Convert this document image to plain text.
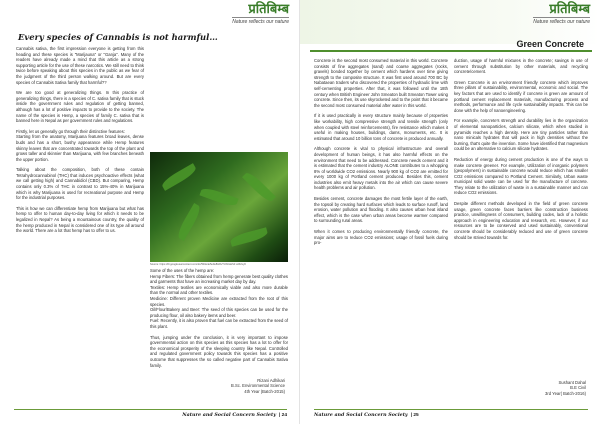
प्रतिबिम्ब
Nature reflects our nature
Every species of Cannabis is not harmful…

Cannabis sativa, the first impression everyone is getting from this heading and these species is "Marijauna" or "Ganja". Many of the readers have already made a mind that this article as a strong supporting article for the use of these narcotics. We still need to think twice before speaking about this species in the public as we fear of the judgment of the third person walking around. But are every species of Cannabis Sativa family that harmful??

We are too good at generalizing things. In this practice of generalizing things, there is a species of C. sativa family that is stuck inside the government rules and regulation of getting banned, although has a lot of positive impacts to provide to the society. The name of the species is Hemp, a species of family C. sativa that is banned here in Nepal as per government rules and regulations.

Firstly, let us generally go through their distinctive features:

Starting from the anatomy, Marijuana features broad leaves, dense buds and has a short, bushy appearance while Hemp features skinny leaves that are concentrated towards the top of the plant and grows taller and skinnier than Marijuana, with few branches beneath the upper portion.

Talking about the composition, both of these contain Tetrahydrocannabinol (THC) that induces psychoactive effects (what we call getting high) and Cannabidiol (CBD). But comparing, Hemp contains only 0.3% of THC in contrast to 15%-40% in Marijuana which is why Marijuana is used for recreational purpose and Hemp for the industrial purposes.

This is how we can differentiate hemp from Marijuana but what has hemp to offer to human day-to-day living for which it needs to be legalized in Nepal? As being a mountainous country, the quality of the hemp produced in Nepal is considered one of its type all around the world. There are a lot that hemp has to offer to us.

Source: https://i0.googleusercontent.com/2c/5b0e4e5e0e8HRvTUNzoHS3 w0Ulvy0

Some of the uses of the hemp are:

Hemp Fibers: The fibers obtained from hemp generate best quality clothes and garments that have an increasing market day by day.

Textiles: Hemp textiles are economically viable and also more durable than the normal and other textiles.

Medicine: Different proven Medicine are extracted from the root of this species.

Oil/Flour/Bakery and Beer: The seed of this species can be used for the producing flour, oil also bakery items and beer.

Fuel: Recently, it is also proven that fuel can be extracted from the seed of this plant.

Thus, jumping under the conclusion, it is very important to impose governmental action on this species as this species has a lot to offer for the economical prosperity of the sleeping country like Nepal. Controlled and regulated government policy towards this species has a positive outcome that suppresses the so called negative part of Cannabis Sativa family.

Rizani Adhikari
B.Sc. Environmental Science
4th Year (Batch-2015)
Nature and Social Concern Society | 24
प्रतिबिम्ब
Nature reflects our nature
Green Concrete

Concrete is the second most consumed material in this world. Concrete consists of fine aggregates (sand) and coarse aggregates (rocks, gravels) bonded together by cement which hardens over time giving strength to the composite structure. It was first used around 700 BC by Nabataean traders who discovered the properties of hydraulic lime with self-cementing properties. After that, it was followed until the 18th century when British Engineer John Smeaton built Smeaton Tower using concrete. Since then, its use skyrocketed and to the point that it became the second most consumed material after water in this world.

If it is used practically in every structure mainly because of properties like workability, high compressive strength and tensile strength (only when coupled with steel reinforcements), fire resistance which makes it useful in making houses, buildings, dams, monuments, etc. It is estimated that around 10 billion tons of concrete is produced annually.

Although concrete is vital to physical infrastructure and overall development of human beings, it has also harmful effects on the environment that need to be addressed. Concrete needs cement and it is estimated that the cement industry ALONE contributes to a whopping 8% of worldwide CO2 emissions. Nearly 900 kg of CO2 are emitted for every 1000 kg of Portland cement produced. Besides this, cement industries also emit heavy metals into the air which can cause severe health problems and air pollution.

Besides cement, concrete damages the most fertile layer of the earth, the topsoil by creating hard surfaces which leads to surface runoff, land erosion, water pollution and flooding. It also causes urban heat island effect, which is the case when urban areas become warmer compared to surrounding rural areas.

When it comes to producing environmentally friendly concrete, the major aims are to reduce CO2 emissions; usage of fossil fuels during pro-

duction, usage of harmful mixtures in the concrete; savings in use of cement through substitution by other materials, and recycling concrete/cement.

Green Concrete is an environment friendly concrete which improves three pillars of sustainability, environmental, economic and social. The key factors that are used to identify if concrete is green are amount of portland cement replacement materials, manufacturing process and methods, performance and life cycle sustainability impacts. This can be done with the help of nanoengineering.

For example, concrete's strength and durability lies in the organization of elemental nanoparticles, calcium silicate, which when studied in pyramids reaches a high density. Here are tiny particles rather than nano minicals hydrates that will pack in high densities without the burning, that's quite the invention. Some have identified that magnesium could be an alternative to calcium silicate hydrates.

Reduction of energy during cement production is one of the ways to make concrete greener. For example, Utilization of inorganic polymers (geopolymers) in sustainable concrete would reduce which has smaller CO2 emissions compared to Portland Cement. Similarly, Urban waste municipal solid waste can be used for the manufacture of concrete. They relate to the utilization of waste in a sustainable manner and can reduce CO2 emissions.

Despite different methods developed in the field of green concrete usage, green concrete faces barriers like construction business practice, unwillingness of consumers, building codes, lack of a holistic approach in engineering education and research, etc. However, if our resources are to be conserved and used sustainably, conventional concrete should be considerably reduced and use of green concrete should be strived towards for.

Sushant Dahal
B.E Civil
3rd Year( Batch-2016)
Nature and Social Concern Society | 25
